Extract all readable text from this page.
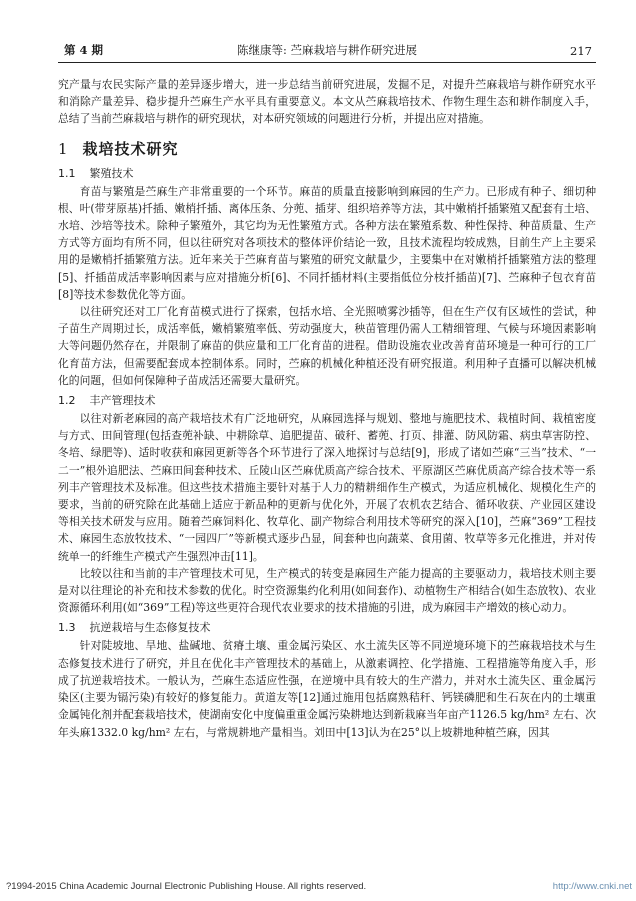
第 4 期	陈继康等: 苎麻栽培与耕作研究进展	217

究产量与农民实际产量的差异逐步增大，进一步总结当前研究进展，发掘不足，对提升苎麻栽培与耕作研究水平和消除产量差异、稳步提升苎麻生产水平具有重要意义。本文从苎麻栽培技术、作物生理生态和耕作制度入手，总结了当前苎麻栽培与耕作的研究现状，对本研究领域的问题进行分析，并提出应对措施。

1 栽培技术研究
1.1 繁殖技术

育苗与繁殖是苎麻生产非常重要的一个环节。麻苗的质量直接影响到麻园的生产力。已形成有种子、细切种根、叶(带芽原基)扦插、嫩梢扦插、离体压条、分蔸、插芽、组织培养等方法，其中嫩梢扦插繁殖又配套有土培、水培、沙培等技术。除种子繁殖外，其它均为无性繁殖方式。各种方法在繁殖系数、种性保持、种苗质量、生产方式等方面均有所不同，但以往研究对各项技术的整体评价结论一致，且技术流程均较成熟，目前生产上主要采用的是嫩梢扦插繁殖方法。近年来关于苎麻育苗与繁殖的研究文献量少，主要集中在对嫩梢扦插繁殖方法的整理[5]、扦插苗成活率影响因素与应对措施分析[6]、不同扦插材料(主要指低位分枝扦插苗)[7]、苎麻种子包衣育苗[8]等技术参数优化等方面。

以往研究还对工厂化育苗模式进行了探索，包括水培、全光照喷雾沙插等，但在生产仅有区域性的尝试，种子苗生产周期过长，成活率低，嫩梢繁殖率低、劳动强度大，秧苗管理仍需人工精细管理、气候与环境因素影响大等问题仍然存在，并限制了麻苗的供应量和工厂化育苗的进程。借助设施农业改善育苗环境是一种可行的工厂化育苗方法，但需要配套成本控制体系。同时，苎麻的机械化种植还没有研究报道。利用种子直播可以解决机械化的问题，但如何保障种子苗成活还需要大量研究。

1.2 丰产管理技术

以往对新老麻园的高产栽培技术有广泛地研究，从麻园选择与规划、整地与施肥技术、栽植时间、栽植密度与方式、田间管理(包括查蔸补缺、中耕除草、追肥提苗、破秆、蓄蔸、打页、排灌、防风防霜、病虫草害防控、冬培、绿肥等)、适时收获和麻园更新等各个环节进行了深入地探讨与总结[9]，形成了诸如苎麻“三当”技术、“一二一”根外追肥法、苎麻田间套种技术、丘陵山区苎麻优质高产综合技术、平原湖区苎麻优质高产综合技术等一系列丰产管理技术及标准。但这些技术措施主要针对基于人力的精耕细作生产模式，为适应机械化、规模化生产的要求，当前的研究除在此基础上适应于新品种的更新与优化外，开展了农机农艺结合、循环收获、产业园区建设等相关技术研发与应用。随着苎麻饲料化、牧草化、副产物综合利用技术等研究的深入[10]，苎麻“369”工程技术、麻园生态放牧技术、“一园四厂”等新模式逐步凸显，间套种也向蔬菜、食用菌、牧草等多元化推进，并对传统单一的纤维生产模式产生强烈冲击[11]。

比较以往和当前的丰产管理技术可见，生产模式的转变是麻园生产能力提高的主要驱动力，栽培技术则主要是对以往理论的补充和技术参数的优化。时空资源集约化利用(如间套作)、动植物生产相结合(如生态放牧)、农业资源循环利用(如“369”工程)等这些更符合现代农业要求的技术措施的引进，成为麻园丰产增效的核心动力。

1.3 抗逆栽培与生态修复技术

针对陡坡地、旱地、盐碱地、贫瘠土壤、重金属污染区、水土流失区等不同逆境环境下的苎麻栽培技术与生态修复技术进行了研究，并且在优化丰产管理技术的基础上，从激素调控、化学措施、工程措施等角度入手，形成了抗逆栽培技术。一般认为，苎麻生态适应性强，在逆境中具有较大的生产潜力，并对水土流失区、重金属污染区(主要为镉污染)有较好的修复能力。黄道友等[12]通过施用包括腐熟秸秆、钙镁磷肥和生石灰在内的土壤重金属钝化剂并配套栽培技术，使湖南安化中度偏重重金属污染耕地达到新栽麻当年亩产1126.5 kg/hm² 左右、次年头麻1332.0 kg/hm² 左右，与常规耕地产量相当。刘田中[13]认为在25°以上坡耕地种植苎麻，因其

?1994-2015 China Academic Journal Electronic Publishing House. All rights reserved.	http://www.cnki.net
